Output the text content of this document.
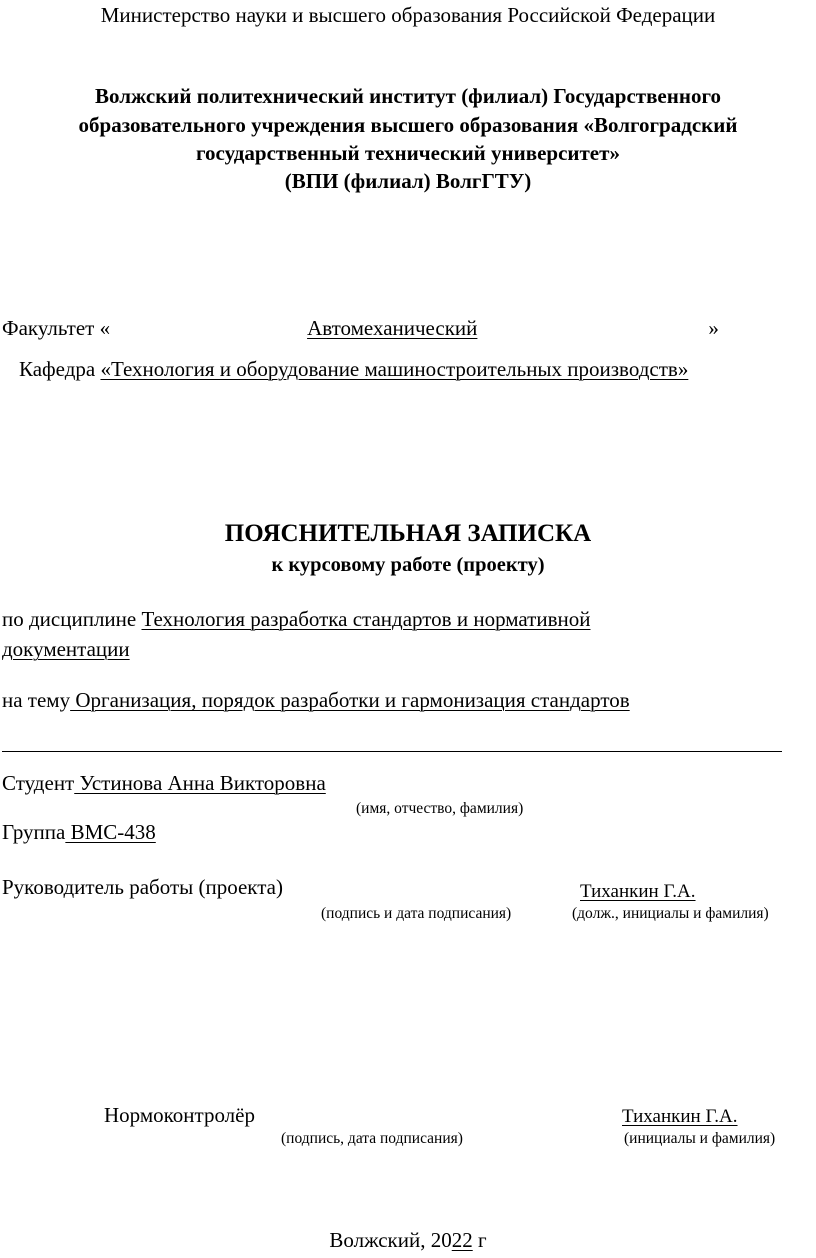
Министерство науки и высшего образования Российской Федерации
Волжский политехнический институт (филиал) Государственного
образовательного учреждения высшего образования «Волгоградский
государственный технический университет»
(ВПИ (филиал) ВолгГТУ)
Факультет «	Автомеханический	»
Кафедра «Технология и оборудование машиностроительных производств»
ПОЯСНИТЕЛЬНАЯ ЗАПИСКА
к курсовому работе (проекту)
по дисциплине Технология разработка стандартов и нормативной
документации
на тему Организация, порядок разработки и гармонизация стандартов
Студент Устинова Анна Викторовна
(имя, отчество, фамилия)
Группа ВМС-438
Руководитель работы (проекта)	Тиханкин Г.А.
(подпись и дата подписания)	(долж., инициалы и фамилия)
Нормоконтролёр	Тиханкин Г.А.
(подпись, дата подписания)	(инициалы и фамилия)
Волжский, 2022 г
